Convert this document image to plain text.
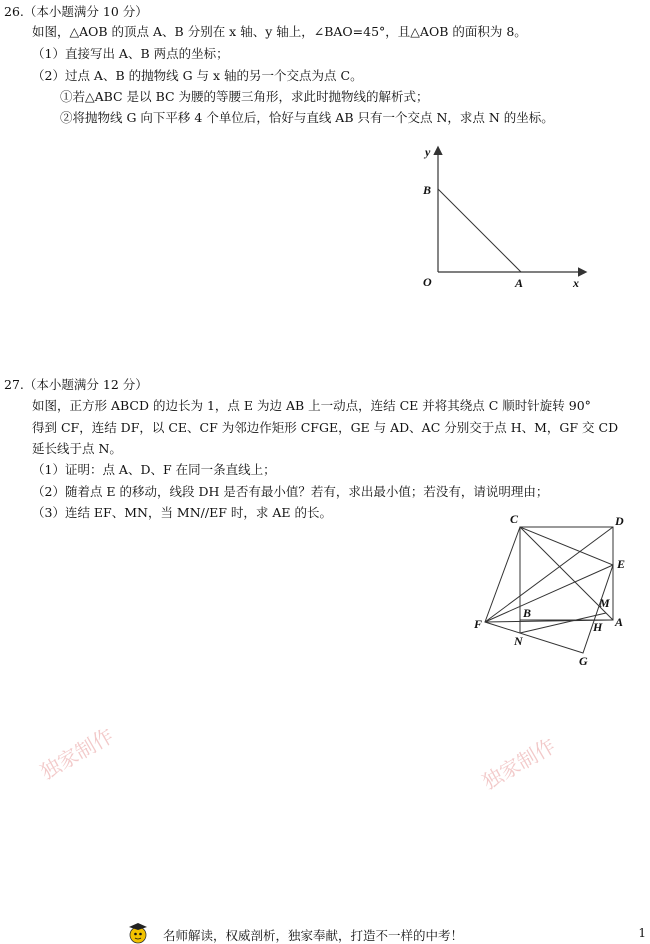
26.（本小题满分 10 分）
如图，△AOB 的顶点 A、B 分别在 x 轴、y 轴上，∠BAO=45°，且△AOB 的面积为 8。
（1）直接写出 A、B 两点的坐标；
（2）过点 A、B 的抛物线 G 与 x 轴的另一个交点为点 C。
①若△ABC 是以 BC 为腰的等腰三角形，求此时抛物线的解析式；
②将抛物线 G 向下平移 4 个单位后，恰好与直线 AB 只有一个交点 N，求点 N 的坐标。
y
B
O	A	x
27.（本小题满分 12 分）
如图，正方形 ABCD 的边长为 1，点 E 为边 AB 上一动点，连结 CE 并将其绕点 C 顺时针旋转 90°
得到 CF，连结 DF，以 CE、CF 为邻边作矩形 CFGE，GE 与 AD、AC 分别交于点 H、M，GF 交 CD
延长线于点 N。
（1）证明：点 A、D、F 在同一条直线上；
（2）随着点 E 的移动，线段 DH 是否有最小值？若有，求出最小值；若没有，请说明理由；
（3）连结 EF、MN，当 MN//EF 时，求 AE 的长。	C	D
E
M
F
B
H A
N
G
独家制作	独家制作
名师解读，权威剖析，独家奉献，打造不一样的中考！	1
